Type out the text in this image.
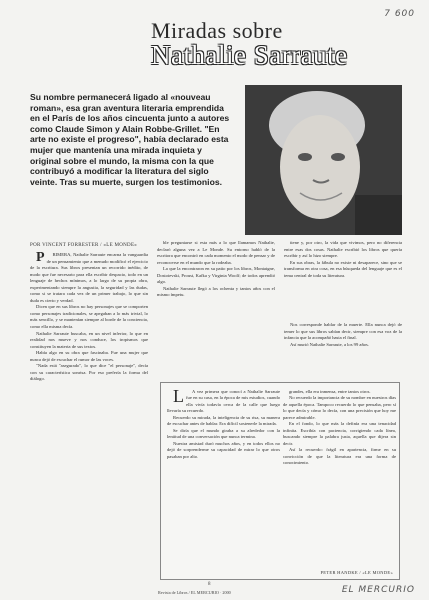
7 600
Miradas sobre
Nathalie Sarraute
Su nombre permanecerá ligado al «nouveau roman», esa gran aventura literaria emprendida en el París de los años cincuenta junto a autores como Claude Simon y Alain Robbe-Grillet. "En arte no existe el progreso", había declarado esta mujer que mantenía una mirada inquieta y original sobre el mundo, la misma con la que contribuyó a modificar la literatura del siglo veinte. Tras su muerte, surgen los testimonios.
POR VINCENT FORRESTER / «LE MONDE»

P RIMERA, Nathalie Sarraute encarna la vanguardia de un pensamiento que a menudo modificó el ejercicio de la escritura. Sus libros presentan un recorrido inédito, de modo que fue necesario para ella escribir despacio, todo en un lenguaje de hechos mínimos, a lo largo de su propia obra, experimentando siempre la angustia, la seguridad y las dudas, como si se tratara cada vez de un primer trabajo, lo que sin duda es cierto y verdad.

Dicen que en sus libros no hay personajes que se comporten como personajes tradicionales, se apegaban a lo más trivial, lo más sencillo, y se mantenían siempre al borde de la conciencia, como ella misma decía.

Nathalie Sarraute buscaba, en un nivel inferior, lo que en realidad nos mueve y nos conduce, los tropismos que constituyen la materia de sus textos.

Había algo en su obra que fascinaba. Fue una mujer que nunca dejó de escuchar el rumor de las voces.

"Nada está "asegurado", lo que dice "el personaje", decía con su característica sonrisa. Por eso prefería la forma del diálogo.

ble preguntarse si esta más a lo que llamamos Nathalie, declaró alguna vez a Le Monde. Su entorno habló de la escritora que encontró en cada momento el modo de pensar y de reconocerse en el mundo que la rodeaba.

La que la encontraron en su patio por los libros, Montaigne, Dostoievski, Proust, Kafka y Virginia Woolf; de todos aprendió algo.

Nathalie Sarraute llegó a los ochenta y tantos años con el mismo ímpetu.

tiene y, por otro, la vida que vivimos, pero no diferencia entre esas dos cosas. Nathalie escribió los libros que quería escribir y así lo hizo siempre.

En sus obras, la fábula no existe ni desaparece, sino que se transforma en otra cosa, en esa búsqueda del lenguaje que es el tema central de toda su literatura.

Nos corresponde hablar de la muerte. Ella nunca dejó de temer lo que sus libros sabían decir, siempre con esa voz de la infancia que la acompañó hasta el final.

Así murió Nathalie Sarraute, a los 99 años.

L A vez primera que conocí a Nathalie Sarraute fue en su casa, en la época de mis estudios, cuando ella vivía todavía cerca de la calle que luego llevaría su recuerdo.

Recuerdo su mirada, la inteligencia de su risa, su manera de escuchar antes de hablar. Era difícil sostenerle la mirada.

Se diría que el mundo giraba a su alrededor con la lentitud de una conversación que nunca termina.

Nuestra amistad duró muchos años, y en todos ellos no dejó de sorprenderme su capacidad de mirar lo que otros pasaban por alto.

grandes, ella era inmensa, entre tantos otros.

No recuerdo la importancia de su nombre en nuestros días de aquella época. Tampoco recuerdo lo que pensaba, pero sí lo que decía y cómo lo decía, con una precisión que hoy me parece admirable.

En el fondo, lo que más la definía era una tenacidad infinita. Escribía con paciencia, corrigiendo cada línea, buscando siempre la palabra justa, aquella que dijera sin decir.

Así la recuerdo: frágil en apariencia, firme en su convicción de que la literatura era una forma de conocimiento.

PETER HANDKE / «LE MONDE»
8
Revista de Libros / EL MERCURIO · 2000	EL MERCURIO
